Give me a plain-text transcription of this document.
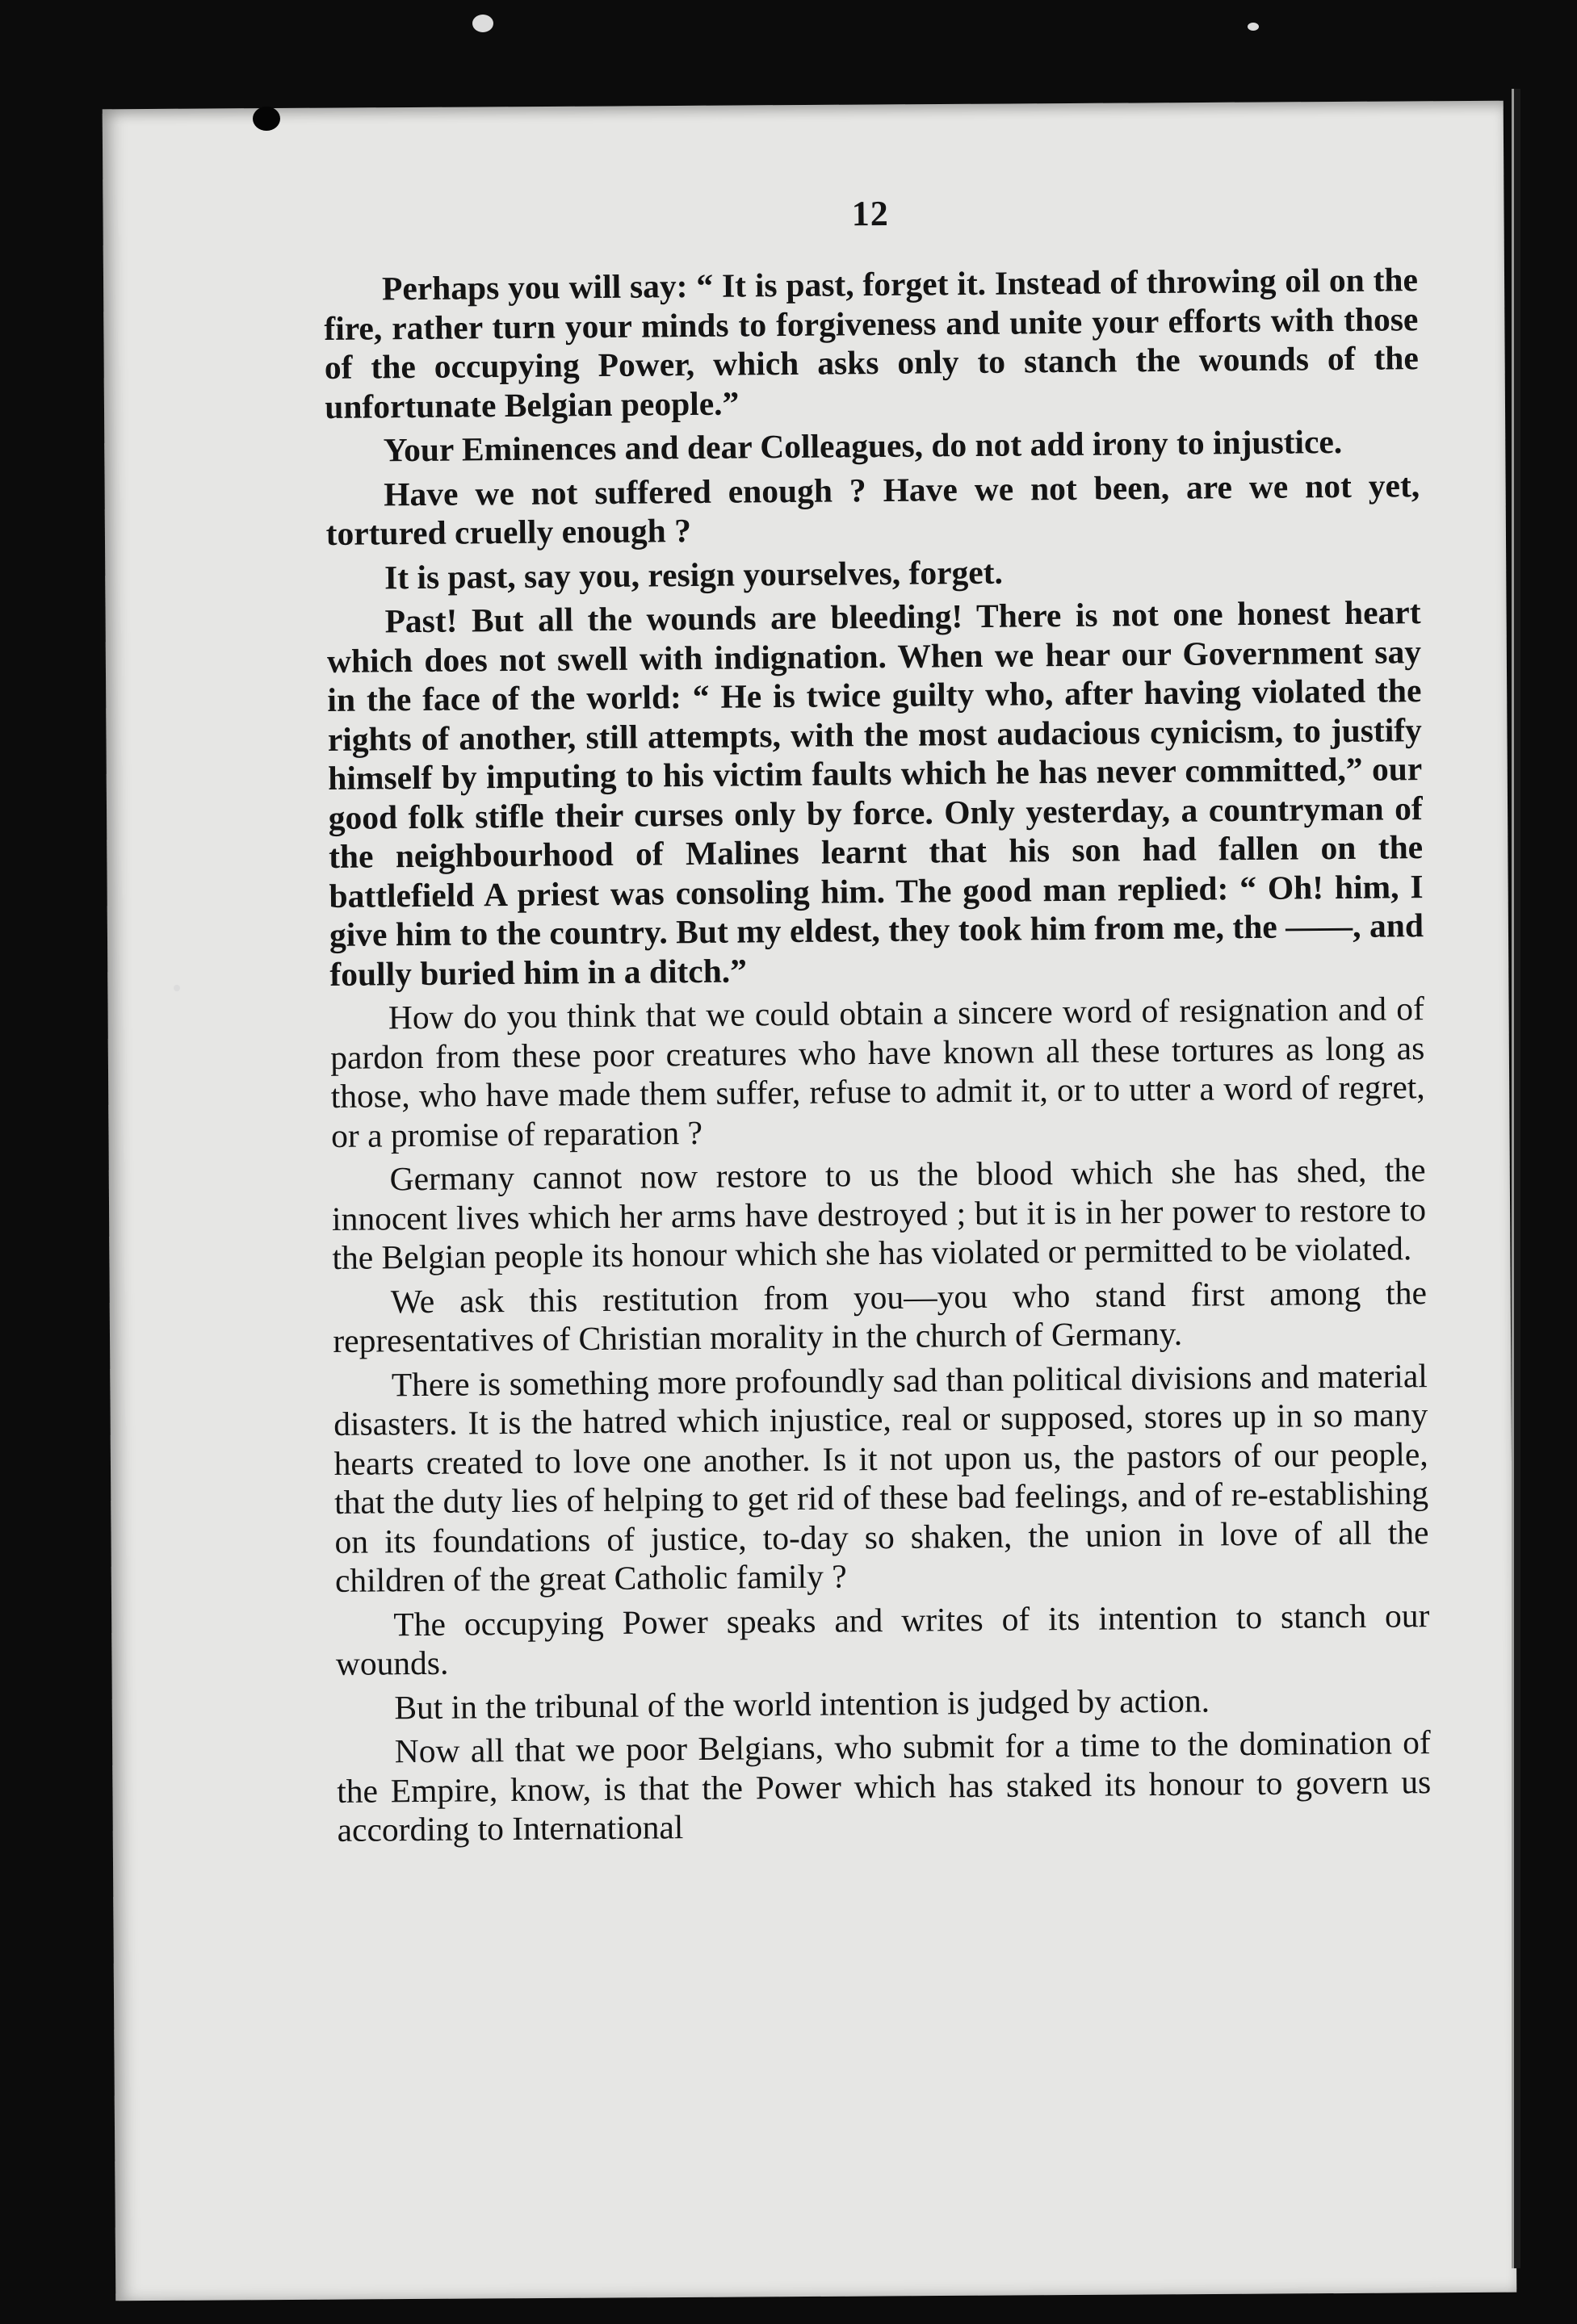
12

Perhaps you will say: “ It is past, forget it. Instead of throwing oil on the fire, rather turn your minds to forgiveness and unite your efforts with those of the occupying Power, which asks only to stanch the wounds of the unfortunate Belgian people.”

Your Eminences and dear Colleagues, do not add irony to injustice.

Have we not suffered enough ? Have we not been, are we not yet, tortured cruelly enough ?

It is past, say you, resign yourselves, forget.

Past! But all the wounds are bleeding! There is not one honest heart which does not swell with indignation. When we hear our Government say in the face of the world: “ He is twice guilty who, after having violated the rights of another, still attempts, with the most audacious cynicism, to justify himself by imputing to his victim faults which he has never committed,” our good folk stifle their curses only by force. Only yesterday, a countryman of the neighbourhood of Malines learnt that his son had fallen on the battlefield A priest was consoling him. The good man replied: “ Oh! him, I give him to the country. But my eldest, they took him from me, the ——, and foully buried him in a ditch.”

How do you think that we could obtain a sincere word of resignation and of pardon from these poor creatures who have known all these tortures as long as those, who have made them suffer, refuse to admit it, or to utter a word of regret, or a promise of reparation ?

Germany cannot now restore to us the blood which she has shed, the innocent lives which her arms have destroyed ; but it is in her power to restore to the Belgian people its honour which she has violated or permitted to be violated.

We ask this restitution from you—you who stand first among the representatives of Christian morality in the church of Germany.

There is something more profoundly sad than political divisions and material disasters. It is the hatred which injustice, real or supposed, stores up in so many hearts created to love one another. Is it not upon us, the pastors of our people, that the duty lies of helping to get rid of these bad feelings, and of re-establishing on its foundations of justice, to-day so shaken, the union in love of all the children of the great Catholic family ?

The occupying Power speaks and writes of its intention to stanch our wounds.

But in the tribunal of the world intention is judged by action.

Now all that we poor Belgians, who submit for a time to the domination of the Empire, know, is that the Power which has staked its honour to govern us according to International
